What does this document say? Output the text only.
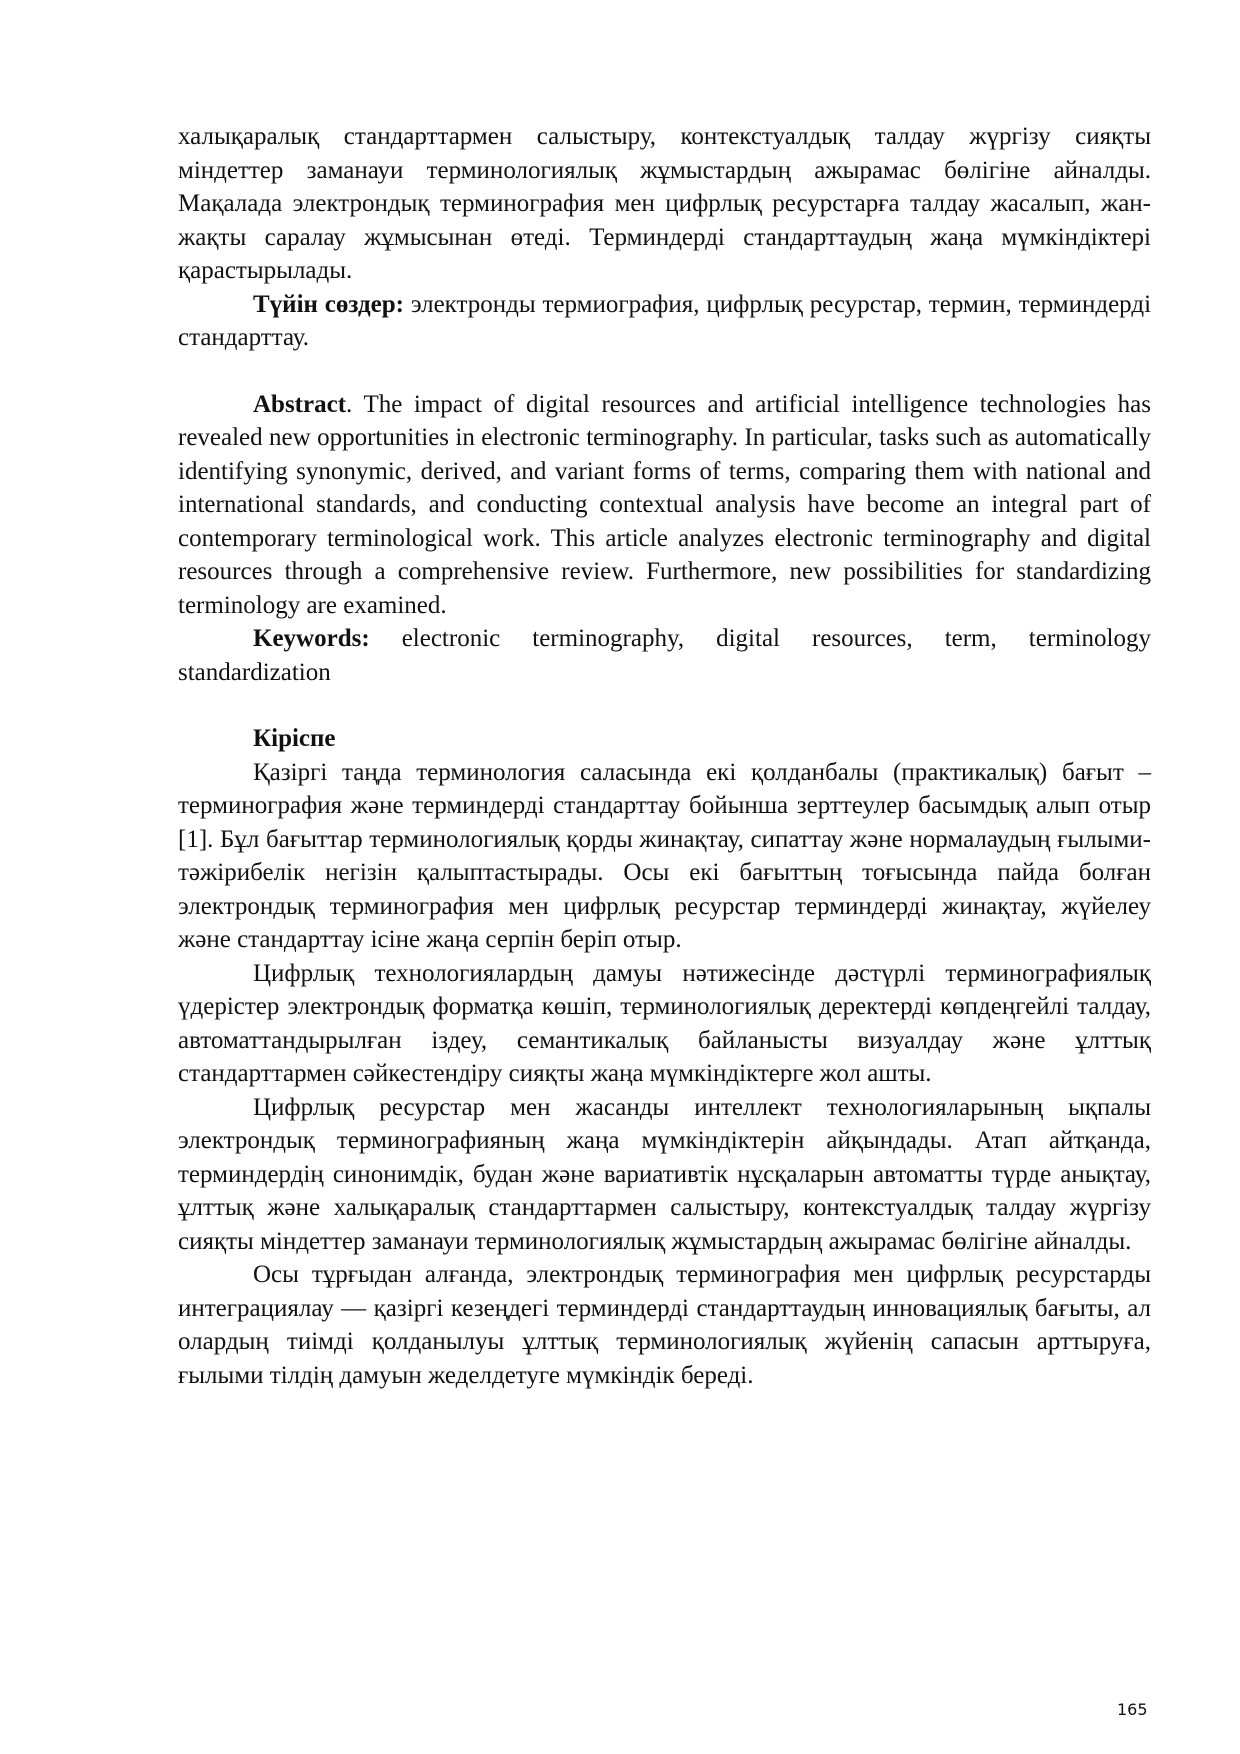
халықаралық стандарттармен салыстыру, контекстуалдық талдау жүргізу сияқты міндеттер заманауи терминологиялық жұмыстардың ажырамас бөлігіне айналды. Мақалада электрондық терминография мен цифрлық ресурстарға талдау жасалып, жан-жақты саралау жұмысынан өтеді. Терминдерді стандарттаудың жаңа мүмкіндіктері қарастырылады.

Түйін сөздер: электронды термиография, цифрлық ресурстар, термин, терминдерді стандарттау.

Abstract. The impact of digital resources and artificial intelligence technologies has revealed new opportunities in electronic terminography. In particular, tasks such as automatically identifying synonymic, derived, and variant forms of terms, comparing them with national and international standards, and conducting contextual analysis have become an integral part of contemporary terminological work. This article analyzes electronic terminography and digital resources through a comprehensive review. Furthermore, new possibilities for standardizing terminology are examined.

Keywords: electronic terminography, digital resources, term, terminology standardization

Кіріспе

Қазіргі таңда терминология саласында екі қолданбалы (практикалық) бағыт – терминография және терминдерді стандарттау бойынша зерттеулер басымдық алып отыр [1]. Бұл бағыттар терминологиялық қорды жинақтау, сипаттау және нормалаудың ғылыми-тәжірибелік негізін қалыптастырады. Осы екі бағыттың тоғысында пайда болған электрондық терминография мен цифрлық ресурстар терминдерді жинақтау, жүйелеу және стандарттау ісіне жаңа серпін беріп отыр.

Цифрлық технологиялардың дамуы нәтижесінде дәстүрлі терминографиялық үдерістер электрондық форматқа көшіп, терминологиялық деректерді көпдеңгейлі талдау, автоматтандырылған іздеу, семантикалық байланысты визуалдау және ұлттық стандарттармен сәйкестендіру сияқты жаңа мүмкіндіктерге жол ашты.

Цифрлық ресурстар мен жасанды интеллект технологияларының ықпалы электрондық терминографияның жаңа мүмкіндіктерін айқындады. Атап айтқанда, терминдердің синонимдік, будан және вариативтік нұсқаларын автоматты түрде анықтау, ұлттық және халықаралық стандарттармен салыстыру, контекстуалдық талдау жүргізу сияқты міндеттер заманауи терминологиялық жұмыстардың ажырамас бөлігіне айналды.

Осы тұрғыдан алғанда, электрондық терминография мен цифрлық ресурстарды интеграциялау — қазіргі кезеңдегі терминдерді стандарттаудың инновациялық бағыты, ал олардың тиімді қолданылуы ұлттық терминологиялық жүйенің сапасын арттыруға, ғылыми тілдің дамуын жеделдетуге мүмкіндік береді.

165
